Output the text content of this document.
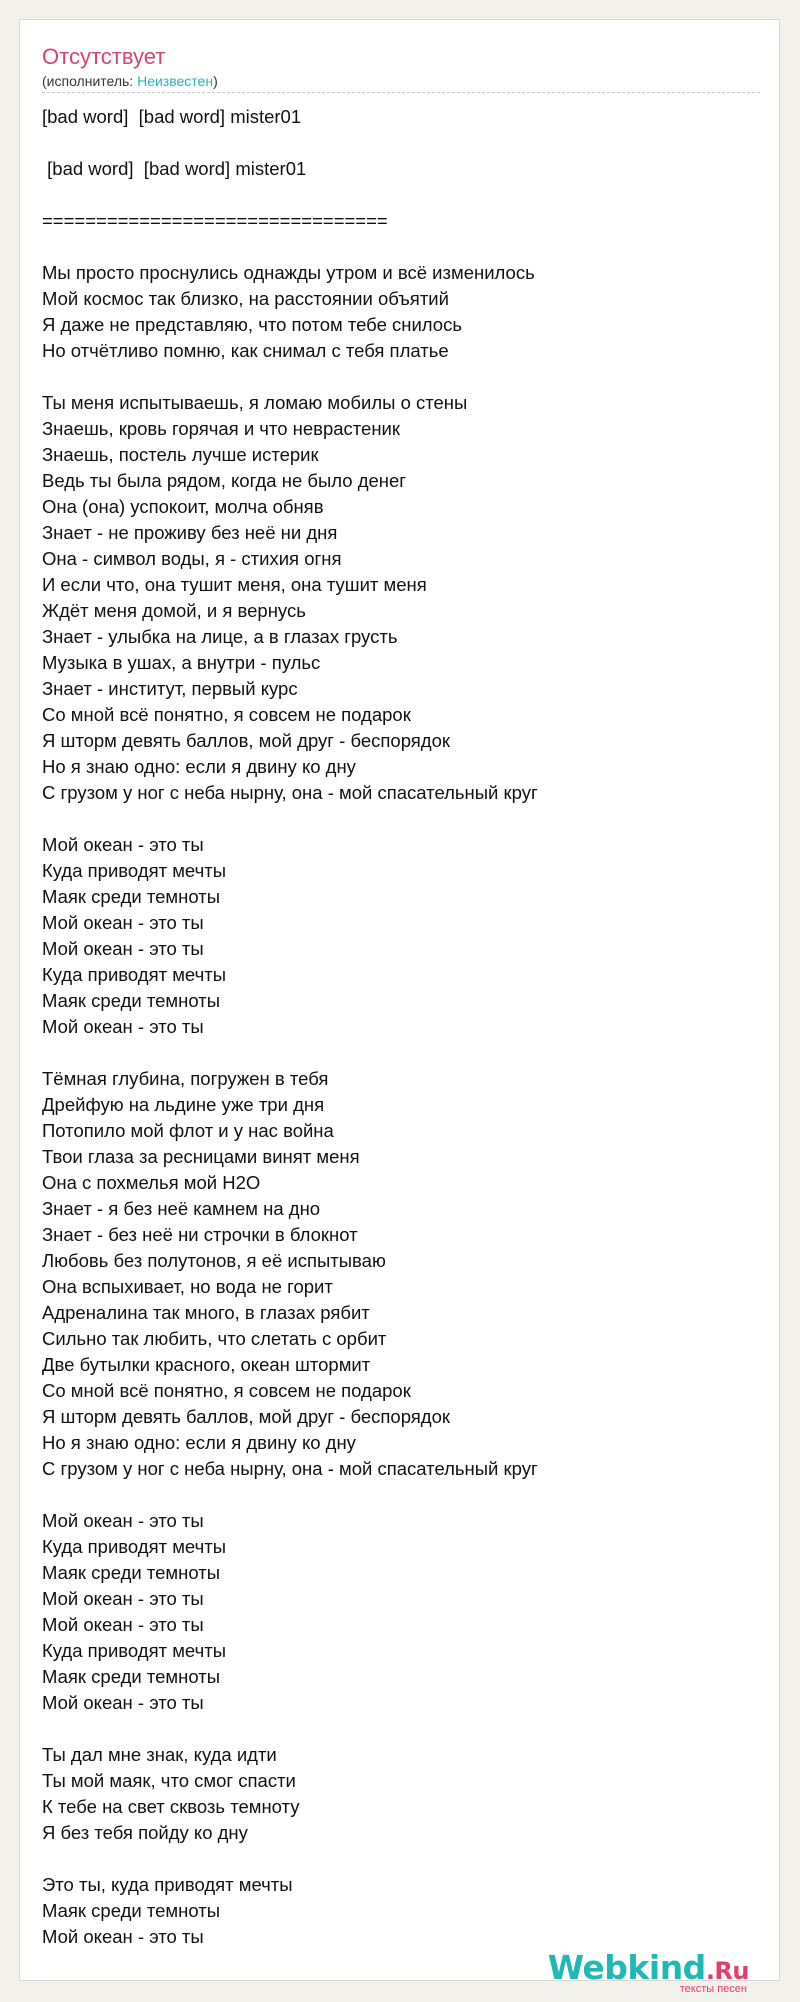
Отсутствует
(исполнитель: Неизвестен)
[bad word]  [bad word] mister01

[bad word]  [bad word] mister01

================================

Мы просто проснулись однажды утром и всё изменилось
Мой космос так близко, на расстоянии объятий
Я даже не представляю, что потом тебе снилось
Но отчётливо помню, как снимал с тебя платье

Ты меня испытываешь, я ломаю мобилы о стены
Знаешь, кровь горячая и что неврастеник
Знаешь, постель лучше истерик
Ведь ты была рядом, когда не было денег
Она (она) успокоит, молча обняв
Знает - не проживу без неё ни дня
Она - символ воды, я - стихия огня
И если что, она тушит меня, она тушит меня
Ждёт меня домой, и я вернусь
Знает - улыбка на лице, а в глазах грусть
Музыка в ушах, а внутри - пульс
Знает - институт, первый курс
Со мной всё понятно, я совсем не подарок
Я шторм девять баллов, мой друг - беспорядок
Но я знаю одно: если я двину ко дну
С грузом у ног с неба нырну, она - мой спасательный круг

Мой океан - это ты
Куда приводят мечты
Маяк среди темноты
Мой океан - это ты
Мой океан - это ты
Куда приводят мечты
Маяк среди темноты
Мой океан - это ты

Тёмная глубина, погружен в тебя
Дрейфую на льдине уже три дня
Потопило мой флот и у нас война
Твои глаза за ресницами винят меня
Она с похмелья мой H2O
Знает - я без неё камнем на дно
Знает - без неё ни строчки в блокнот
Любовь без полутонов, я её испытываю
Она вспыхивает, но вода не горит
Адреналина так много, в глазах рябит
Сильно так любить, что слетать с орбит
Две бутылки красного, океан штормит
Со мной всё понятно, я совсем не подарок
Я шторм девять баллов, мой друг - беспорядок
Но я знаю одно: если я двину ко дну
С грузом у ног с неба нырну, она - мой спасательный круг

Мой океан - это ты
Куда приводят мечты
Маяк среди темноты
Мой океан - это ты
Мой океан - это ты
Куда приводят мечты
Маяк среди темноты
Мой океан - это ты

Ты дал мне знак, куда идти
Ты мой маяк, что смог спасти
К тебе на свет сквозь темноту
Я без тебя пойду ко дну

Это ты, куда приводят мечты
Маяк среди темноты
Мой океан - это ты
Webkind.Ru
тексты песен
